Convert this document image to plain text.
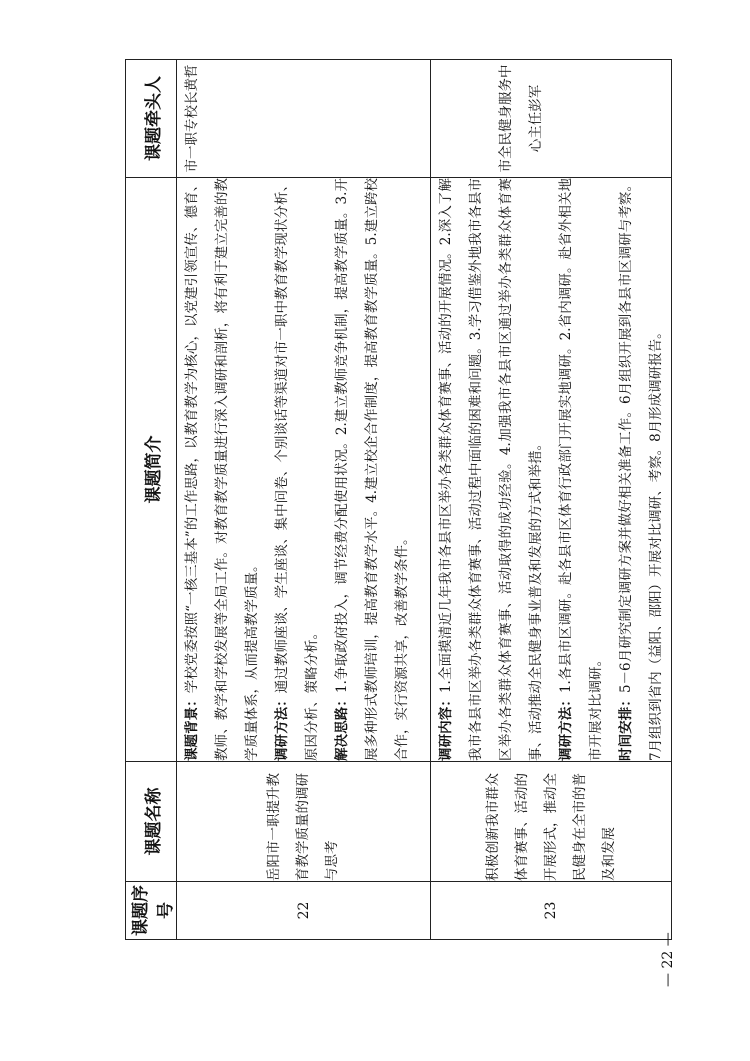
课题序号	课题名称	课题简介	课题牵头人
22	岳阳市一职提升教育教学质量的调研与思考	课题背景：学校党委按照“一核三基本”的工作思路，以教育教学为核心，以党建引领宣传、德育、教师、教学和学校发展等全局工作。对教育教学质量进行深入调研和剖析，将有利于建立完善的教学质量体系，从而提高教学质量。 调研方法：通过教师座谈、学生座谈、集中问卷、个别谈话等渠道对市一职中教育教学现状分析、原因分析、策略分析。 解决思路：1.争取政府投入，调节经费分配使用状况。2.建立教师竞争机制，提高教学质量。3.开展多种形式教师培训，提高教育教学水平。4.建立校企合作制度，提高教育教学质量。5.建立跨校合作，实行资源共享，改善教学条件。	市一职专校长黄哲
23	积极创新我市群众体育赛事、活动的开展形式，推动全民健身在全市的普及和发展	调研内容：1.全面摸清近几年我市各县市区举办各类群众体育赛事、活动的开展情况。2.深入了解我市各县市区举办各类群众体育赛事、活动过程中面临的困难和问题。3.学习借鉴外地我市各县市区举办各类群众体育赛事、活动取得的成功经验。4.加强我市各县市区通过举办各类群众体育赛事、活动推动全民健身事业普及和发展的方式和举措。 调研方法：1.各县市区调研。赴各县市区体育行政部门开展实地调研。2.省内调研。赴省外相关地市开展对比调研。 时间安排：5－6月研究制定调研方案并做好相关准备工作。6月组织开展到各县市区调研与考察。7月组织到省内（益阳、邵阳）开展对比调研、考察。8月形成调研报告。	市全民健身服务中心主任彭军
— 22 —
